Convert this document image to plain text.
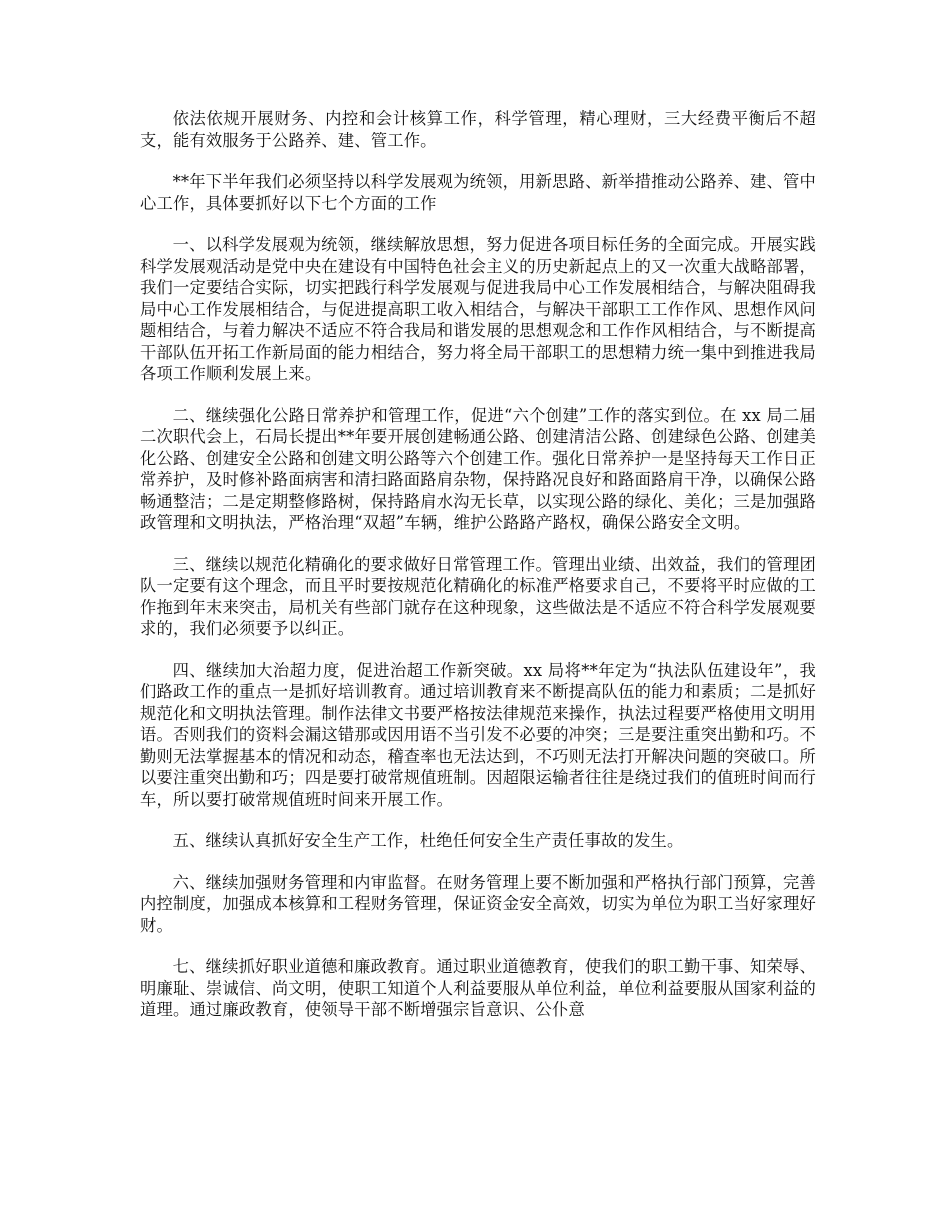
依法依规开展财务、内控和会计核算工作，科学管理，精心理财，三大经费平衡后不超支，能有效服务于公路养、建、管工作。

**年下半年我们必须坚持以科学发展观为统领，用新思路、新举措推动公路养、建、管中心工作，具体要抓好以下七个方面的工作

一、以科学发展观为统领，继续解放思想，努力促进各项目标任务的全面完成。开展实践科学发展观活动是党中央在建设有中国特色社会主义的历史新起点上的又一次重大战略部署，我们一定要结合实际，切实把践行科学发展观与促进我局中心工作发展相结合，与解决阻碍我局中心工作发展相结合，与促进提高职工收入相结合，与解决干部职工工作作风、思想作风问题相结合，与着力解决不适应不符合我局和谐发展的思想观念和工作作风相结合，与不断提高干部队伍开拓工作新局面的能力相结合，努力将全局干部职工的思想精力统一集中到推进我局各项工作顺利发展上来。

二、继续强化公路日常养护和管理工作，促进“六个创建”工作的落实到位。在 xx 局二届二次职代会上，石局长提出**年要开展创建畅通公路、创建清洁公路、创建绿色公路、创建美化公路、创建安全公路和创建文明公路等六个创建工作。强化日常养护一是坚持每天工作日正常养护，及时修补路面病害和清扫路面路肩杂物，保持路况良好和路面路肩干净，以确保公路畅通整洁；二是定期整修路树，保持路肩水沟无长草，以实现公路的绿化、美化；三是加强路政管理和文明执法，严格治理“双超”车辆，维护公路路产路权，确保公路安全文明。

三、继续以规范化精确化的要求做好日常管理工作。管理出业绩、出效益，我们的管理团队一定要有这个理念，而且平时要按规范化精确化的标准严格要求自己，不要将平时应做的工作拖到年末来突击，局机关有些部门就存在这种现象，这些做法是不适应不符合科学发展观要求的，我们必须要予以纠正。

四、继续加大治超力度，促进治超工作新突破。xx 局将**年定为“执法队伍建设年”，我们路政工作的重点一是抓好培训教育。通过培训教育来不断提高队伍的能力和素质；二是抓好规范化和文明执法管理。制作法律文书要严格按法律规范来操作，执法过程要严格使用文明用语。否则我们的资料会漏这错那或因用语不当引发不必要的冲突；三是要注重突出勤和巧。不勤则无法掌握基本的情况和动态，稽查率也无法达到，不巧则无法打开解决问题的突破口。所以要注重突出勤和巧；四是要打破常规值班制。因超限运输者往往是绕过我们的值班时间而行车，所以要打破常规值班时间来开展工作。

五、继续认真抓好安全生产工作，杜绝任何安全生产责任事故的发生。

六、继续加强财务管理和内审监督。在财务管理上要不断加强和严格执行部门预算，完善内控制度，加强成本核算和工程财务管理，保证资金安全高效，切实为单位为职工当好家理好财。

七、继续抓好职业道德和廉政教育。通过职业道德教育，使我们的职工勤干事、知荣辱、明廉耻、崇诚信、尚文明，使职工知道个人利益要服从单位利益，单位利益要服从国家利益的道理。通过廉政教育，使领导干部不断增强宗旨意识、公仆意
